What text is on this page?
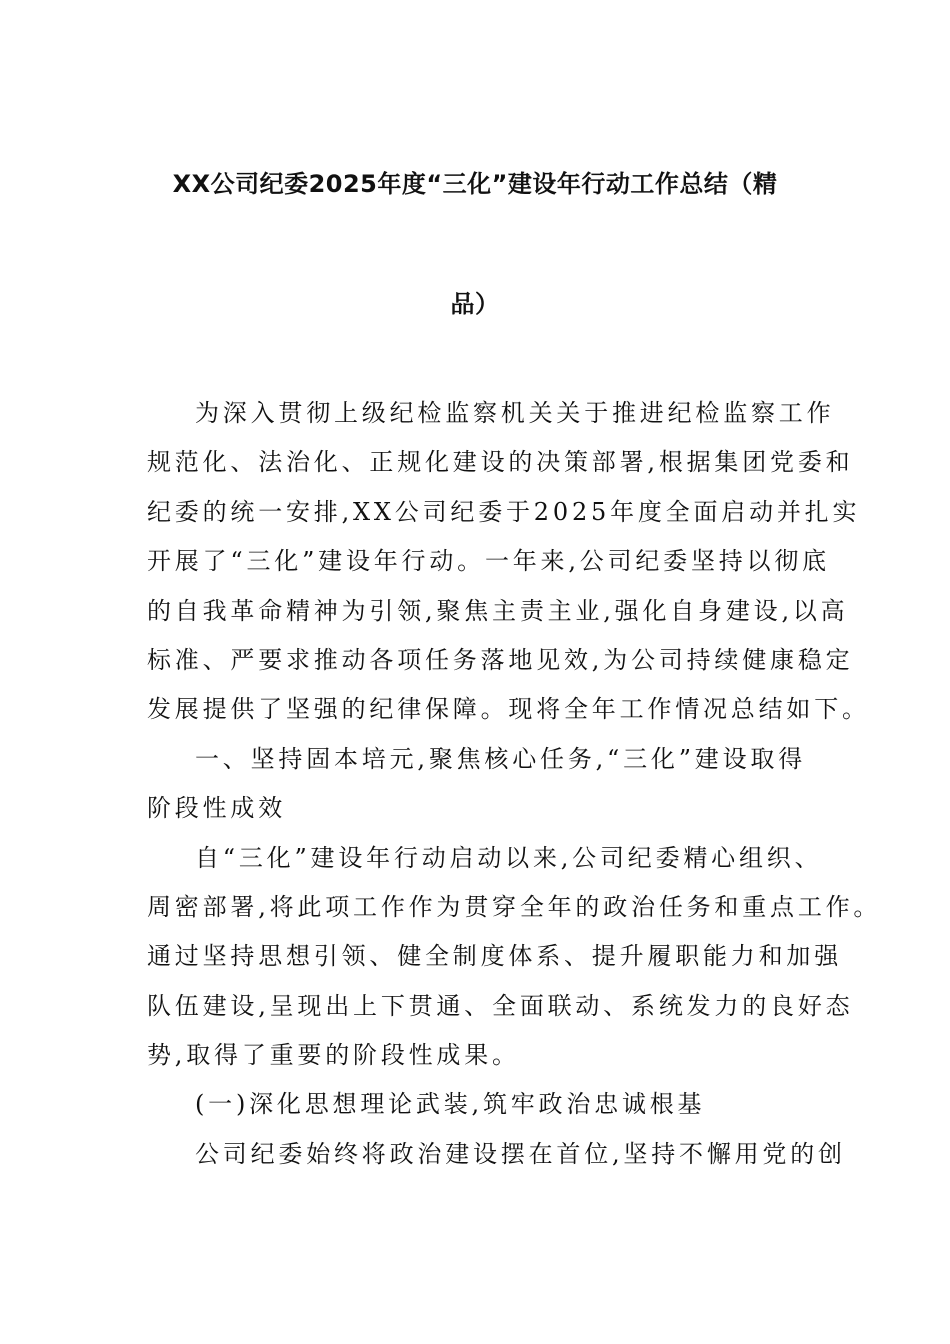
XX公司纪委2025年度“三化”建设年行动工作总结（精
品）
为深入贯彻上级纪检监察机关关于推进纪检监察工作
规范化、法治化、正规化建设的决策部署,根据集团党委和
纪委的统一安排,XX公司纪委于2025年度全面启动并扎实
开展了“三化”建设年行动。一年来,公司纪委坚持以彻底
的自我革命精神为引领,聚焦主责主业,强化自身建设,以高
标准、严要求推动各项任务落地见效,为公司持续健康稳定
发展提供了坚强的纪律保障。现将全年工作情况总结如下。
一、坚持固本培元,聚焦核心任务,“三化”建设取得
阶段性成效
自“三化”建设年行动启动以来,公司纪委精心组织、
周密部署,将此项工作作为贯穿全年的政治任务和重点工作。
通过坚持思想引领、健全制度体系、提升履职能力和加强
队伍建设,呈现出上下贯通、全面联动、系统发力的良好态
势,取得了重要的阶段性成果。
(一)深化思想理论武装,筑牢政治忠诚根基
公司纪委始终将政治建设摆在首位,坚持不懈用党的创
